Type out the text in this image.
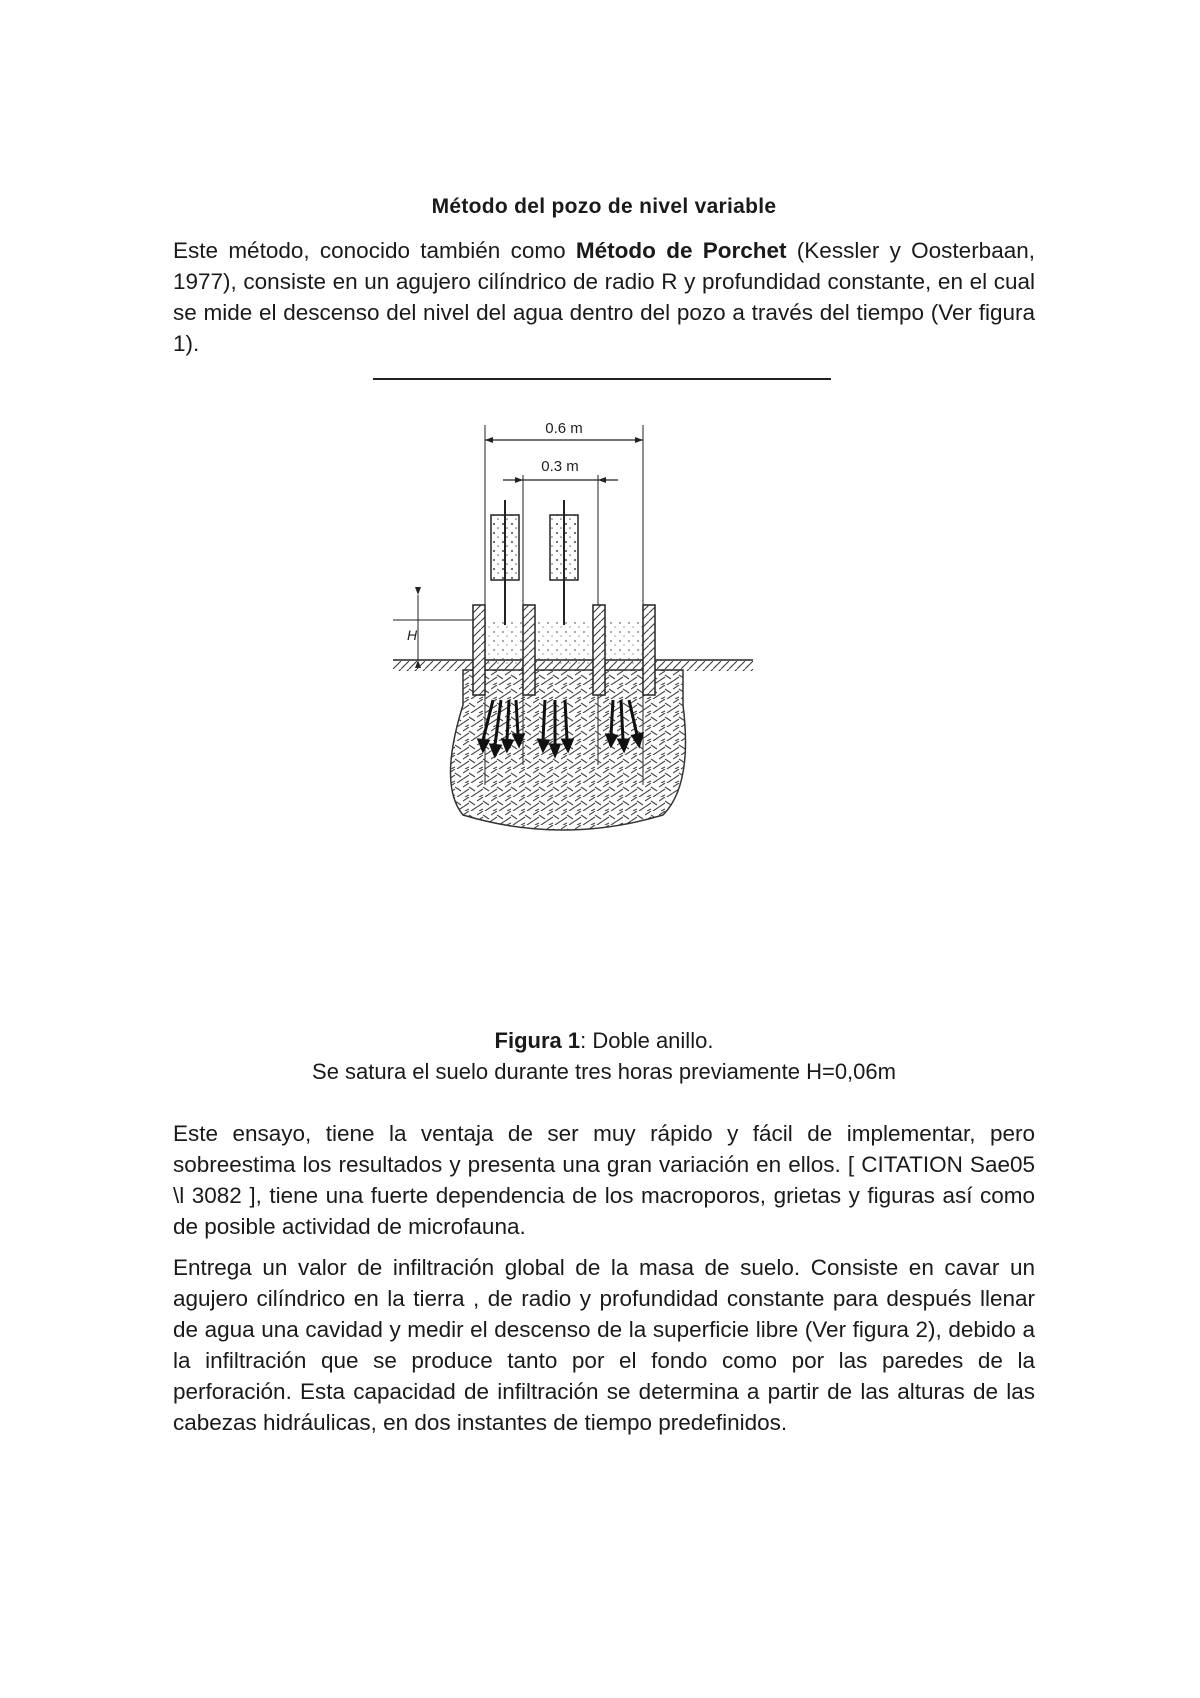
Método del pozo de nivel variable

Este método, conocido también como Método de Porchet (Kessler y Oosterbaan, 1977), consiste en un agujero cilíndrico de radio R y profundidad constante, en el cual se mide el descenso del nivel del agua dentro del pozo a través del tiempo (Ver figura 1).

0.6 m
0.3 m
H
Figura 1: Doble anillo.
Se satura el suelo durante tres horas previamente H=0,06m

Este ensayo, tiene la ventaja de ser muy rápido y fácil de implementar, pero sobreestima los resultados y presenta una gran variación en ellos. [ CITATION Sae05 \l 3082 ], tiene una fuerte dependencia de los macroporos, grietas y figuras así como de posible actividad de microfauna.

Entrega un valor de infiltración global de la masa de suelo. Consiste en cavar un agujero cilíndrico en la tierra , de radio y profundidad constante para después llenar de agua una cavidad y medir el descenso de la superficie libre (Ver figura 2), debido a la infiltración que se produce tanto por el fondo como por las paredes de la perforación. Esta capacidad de infiltración se determina a partir de las alturas de las cabezas hidráulicas, en dos instantes de tiempo predefinidos.
